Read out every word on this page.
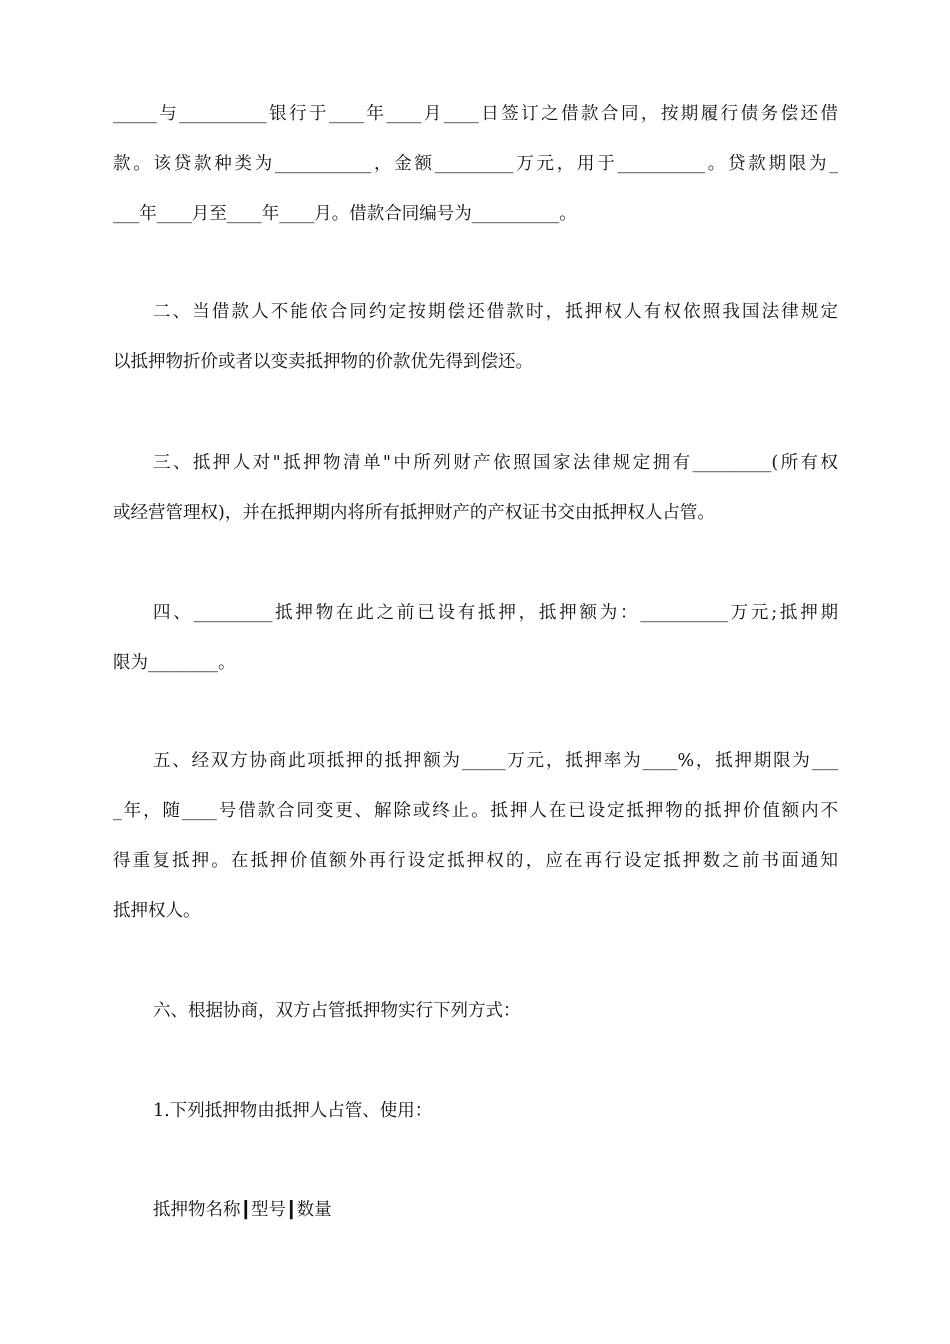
_____与__________银行于____年____月____日签订之借款合同，按期履行债务偿还借
款。该贷款种类为___________，金额_________万元，用于__________。贷款期限为_
___年____月至____年____月。借款合同编号为__________。
二、当借款人不能依合同约定按期偿还借款时，抵押权人有权依照我国法律规定
以抵押物折价或者以变卖抵押物的价款优先得到偿还。
三、抵押人对"抵押物清单"中所列财产依照国家法律规定拥有_________(所有权
或经营管理权)，并在抵押期内将所有抵押财产的产权证书交由抵押权人占管。
四、_________抵押物在此之前已设有抵押，抵押额为：__________万元;抵押期
限为________。
五、经双方协商此项抵押的抵押额为_____万元，抵押率为____%，抵押期限为___
_年，随____号借款合同变更、解除或终止。抵押人在已设定抵押物的抵押价值额内不
得重复抵押。在抵押价值额外再行设定抵押权的，应在再行设定抵押数之前书面通知
抵押权人。
六、根据协商，双方占管抵押物实行下列方式：
1.下列抵押物由抵押人占管、使用：
抵押物名称┃型号┃数量
